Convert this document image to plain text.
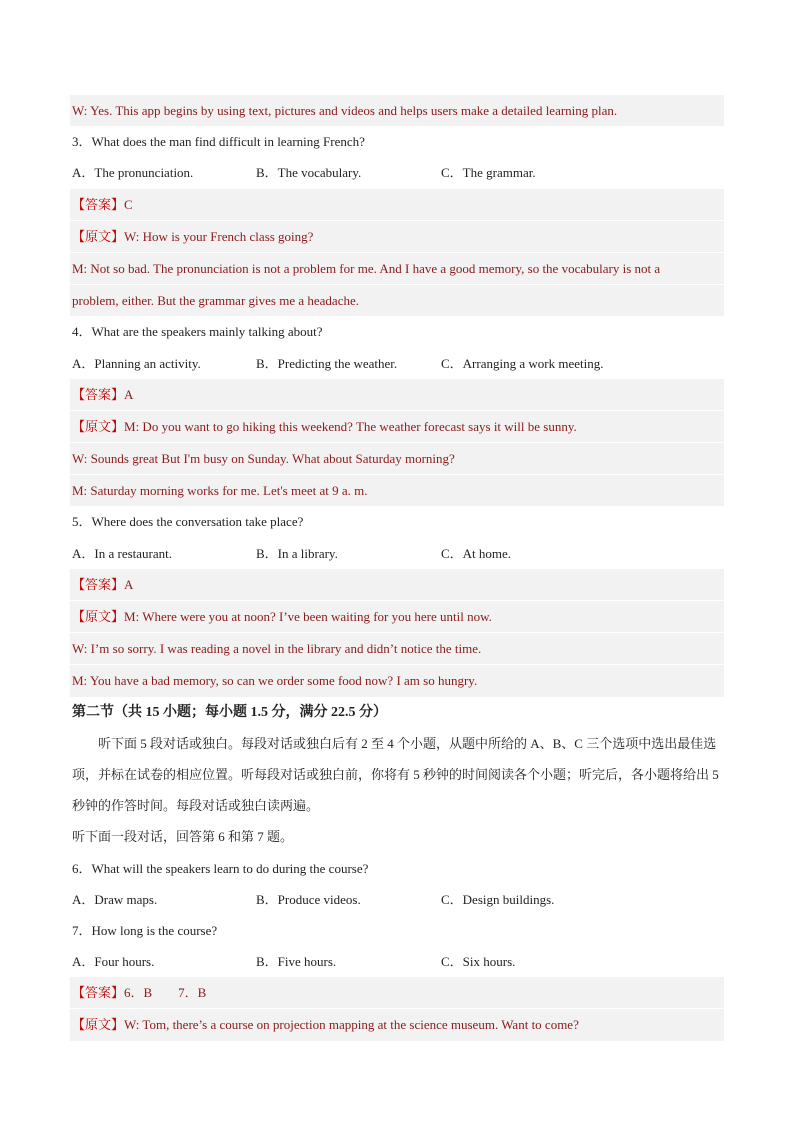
W: Yes. This app begins by using text, pictures and videos and helps users make a detailed learning plan.
3．What does the man find difficult in learning French?
A．The pronunciation.	B．The vocabulary.	C．The grammar.
【答案】C
【原文】W: How is your French class going?
M: Not so bad. The pronunciation is not a problem for me. And I have a good memory, so the vocabulary is not a
problem, either. But the grammar gives me a headache.
4．What are the speakers mainly talking about?
A．Planning an activity.	B．Predicting the weather.	C．Arranging a work meeting.
【答案】A
【原文】M: Do you want to go hiking this weekend? The weather forecast says it will be sunny.
W: Sounds great But I'm busy on Sunday. What about Saturday morning?
M: Saturday morning works for me. Let's meet at 9 a. m.
5．Where does the conversation take place?
A．In a restaurant.	B．In a library.	C．At home.
【答案】A
【原文】M: Where were you at noon? I’ve been waiting for you here until now.
W: I’m so sorry. I was reading a novel in the library and didn’t notice the time.
M: You have a bad memory, so can we order some food now? I am so hungry.
第二节（共 15 小题；每小题 1.5 分，满分 22.5 分）
听下面 5 段对话或独白。每段对话或独白后有 2 至 4 个小题，从题中所给的 A、B、C 三个选项中选出最佳选项，并标在试卷的相应位置。听每段对话或独白前，你将有 5 秒钟的时间阅读各个小题；听完后，各小题将给出 5 秒钟的作答时间。每段对话或独白读两遍。
听下面一段对话，回答第 6 和第 7 题。
6．What will the speakers learn to do during the course?
A．Draw maps.	B．Produce videos.	C．Design buildings.
7．How long is the course?
A．Four hours.	B．Five hours.	C．Six hours.
【答案】6．B　　7．B
【原文】W: Tom, there’s a course on projection mapping at the science museum. Want to come?
